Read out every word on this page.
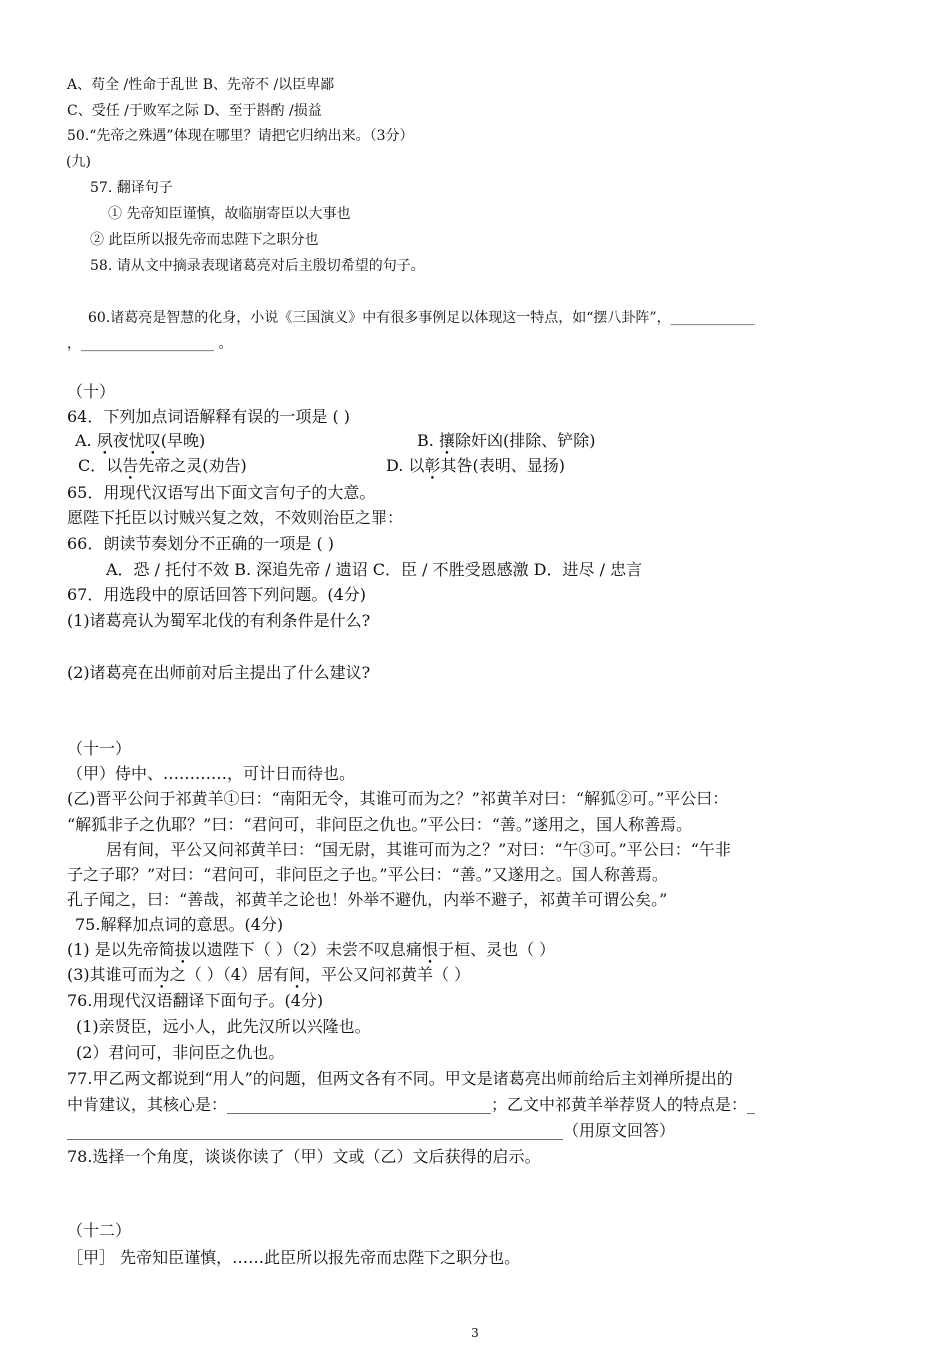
A、苟全 /性命于乱世 B、先帝不 /以臣卑鄙
C、受任 /于败军之际 D、至于斟酌 /损益
50.“先帝之殊遇”体现在哪里？请把它归纳出来。（3分）
(九)
57. 翻译句子
① 先帝知臣谨慎，故临崩寄臣以大事也
② 此臣所以报先帝而忠陛下之职分也
58. 请从文中摘录表现诸葛亮对后主殷切希望的句子。
60.诸葛亮是智慧的化身，小说《三国演义》中有很多事例足以体现这一特点，如“摆八卦阵”，____________
，___________________ 。
（十）
64．下列加点词语解释有误的一项是 ( )
A. 夙夜忧叹(早晚)	B. 攘除奸凶(排除、铲除)
C．以告先帝之灵(劝告)	D. 以彰其咎(表明、显扬)
65．用现代汉语写出下面文言句子的大意。
愿陛下托臣以讨贼兴复之效，不效则治臣之罪：
66．朗读节奏划分不正确的一项是 ( )
A．恐 / 托付不效 B. 深追先帝 / 遗诏 C．臣 / 不胜受恩感激 D．进尽 / 忠言
67．用选段中的原话回答下列问题。(4分)
(1)诸葛亮认为蜀军北伐的有利条件是什么?
(2)诸葛亮在出师前对后主提出了什么建议?
（十一）
（甲）侍中、…………，可计日而待也。
(乙)晋平公问于祁黄羊①曰：“南阳无令，其谁可而为之？”祁黄羊对曰：“解狐②可。”平公曰：
“解狐非子之仇耶？”曰：“君问可，非问臣之仇也。”平公曰：“善。”遂用之，国人称善焉。
居有间，平公又问祁黄羊曰：“国无尉，其谁可而为之？”对曰：“午③可。”平公曰：“午非
子之子耶？”对曰：“君问可，非问臣之子也。”平公曰：“善。”又遂用之。国人称善焉。
孔子闻之，曰：“善哉，祁黄羊之论也！外举不避仇，内举不避子，祁黄羊可谓公矣。”
75.解释加点词的意思。(4分)
(1) 是以先帝简拔以遗陛下（ ）（2）未尝不叹息痛恨于桓、灵也（ ）
(3)其谁可而为之（ ）（4）居有间，平公又问祁黄羊（ ）
76.用现代汉语翻译下面句子。(4分)
(1)亲贤臣，远小人，此先汉所以兴隆也。
(2）君问可，非问臣之仇也。
77.甲乙两文都说到“用人”的问题，但两文各有不同。甲文是诸葛亮出师前给后主刘禅所提出的
中肯建议，其核心是：_________________________________；乙文中祁黄羊举荐贤人的特点是：_
______________________________________________________________（用原文回答）
78.选择一个角度，谈谈你读了（甲）文或（乙）文后获得的启示。
（十二）
［甲］ 先帝知臣谨慎，……此臣所以报先帝而忠陛下之职分也。
3
